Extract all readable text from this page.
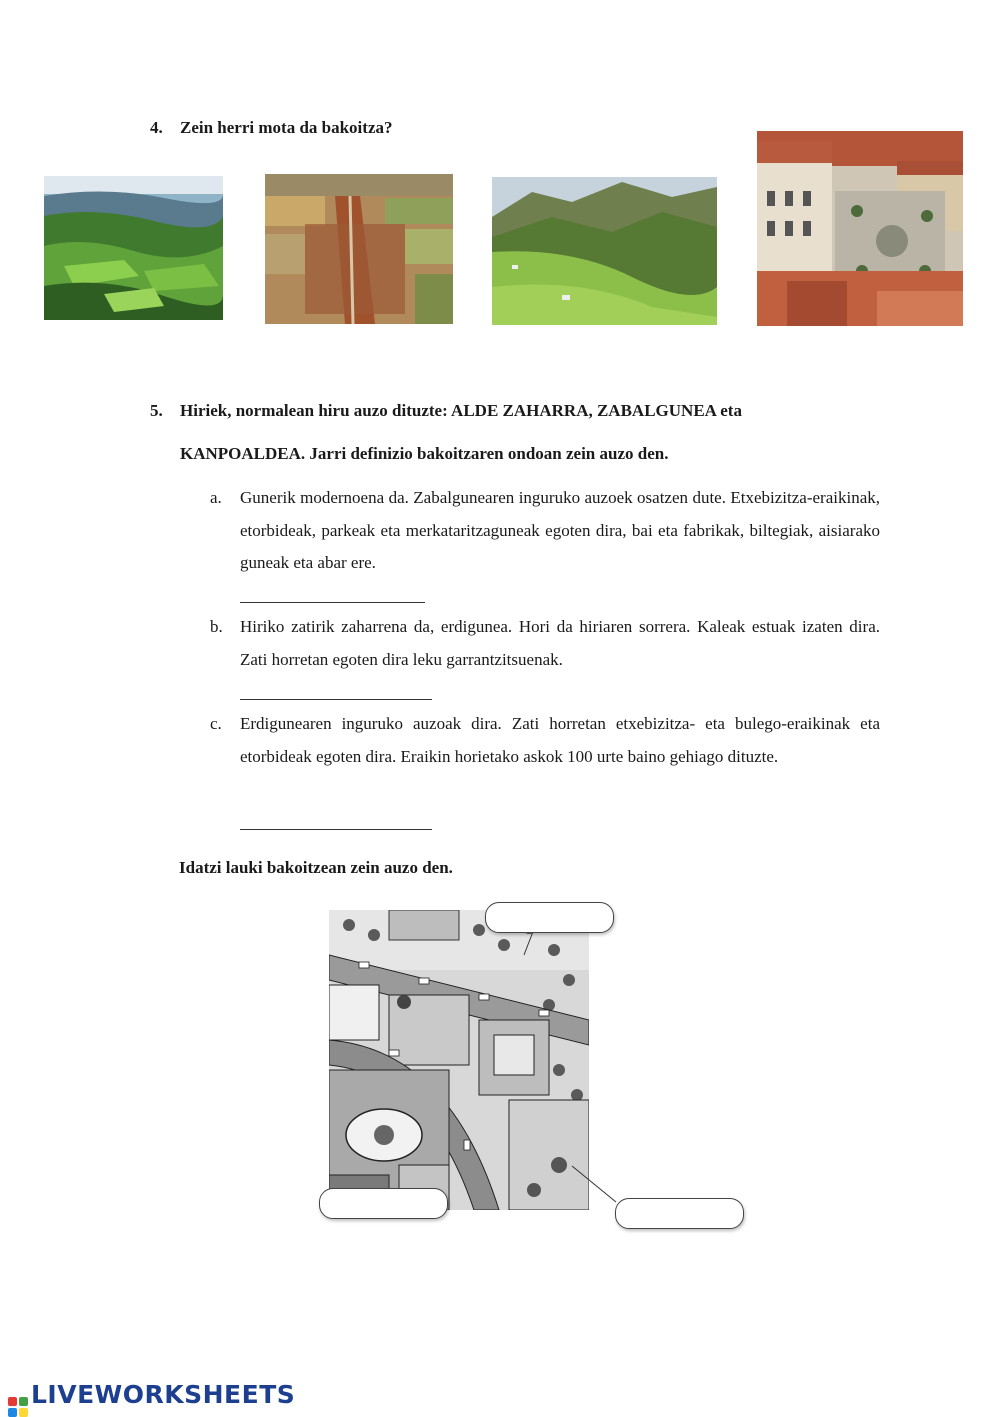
4. Zein herri mota da bakoitza?
5. Hiriek, normalean hiru auzo dituzte: ALDE ZAHARRA, ZABALGUNEA eta
KANPOALDEA. Jarri definizio bakoitzaren ondoan zein auzo den.
a. Gunerik modernoena da. Zabalgunearen inguruko auzoek osatzen dute. Etxebizitza-eraikinak, etorbideak, parkeak eta merkataritzaguneak egoten dira, bai eta fabrikak, biltegiak, aisiarako guneak eta abar ere.
b. Hiriko zatirik zaharrena da, erdigunea. Hori da hiriaren sorrera. Kaleak estuak izaten dira. Zati horretan egoten dira leku garrantzitsuenak.
c. Erdigunearen inguruko auzoak dira. Zati horretan etxebizitza- eta bulego-eraikinak eta etorbideak egoten dira. Eraikin horietako askok 100 urte baino gehiago dituzte.
Idatzi lauki bakoitzean zein auzo den.
LIVEWORKSHEETS
